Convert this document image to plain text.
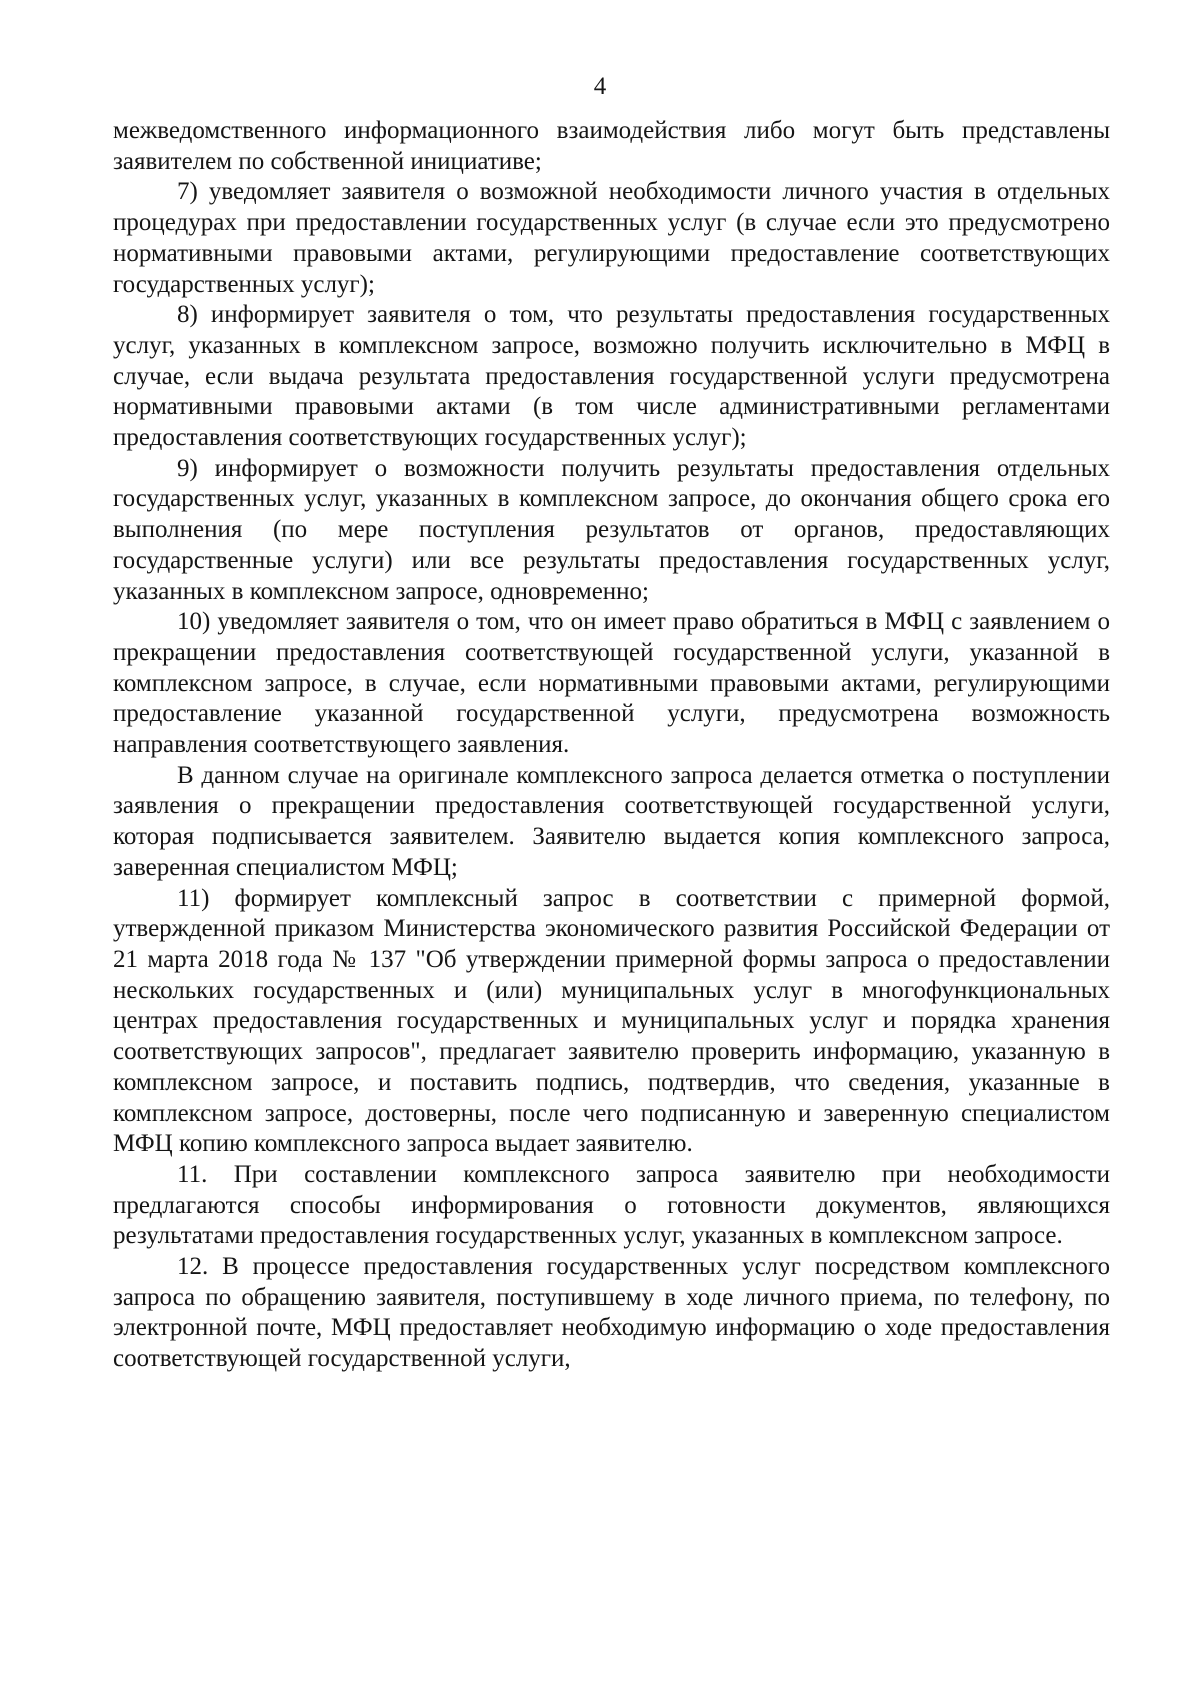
4

межведомственного информационного взаимодействия либо могут быть представлены заявителем по собственной инициативе;

7) уведомляет заявителя о возможной необходимости личного участия в отдельных процедурах при предоставлении государственных услуг (в случае если это предусмотрено нормативными правовыми актами, регулирующими предоставление соответствующих государственных услуг);

8) информирует заявителя о том, что результаты предоставления государственных услуг, указанных в комплексном запросе, возможно получить исключительно в МФЦ в случае, если выдача результата предоставления государственной услуги предусмотрена нормативными правовыми актами (в том числе административными регламентами предоставления соответствующих государственных услуг);

9) информирует о возможности получить результаты предоставления отдельных государственных услуг, указанных в комплексном запросе, до окончания общего срока его выполнения (по мере поступления результатов от органов, предоставляющих государственные услуги) или все результаты предоставления государственных услуг, указанных в комплексном запросе, одновременно;

10) уведомляет заявителя о том, что он имеет право обратиться в МФЦ с заявлением о прекращении предоставления соответствующей государственной услуги, указанной в комплексном запросе, в случае, если нормативными правовыми актами, регулирующими предоставление указанной государственной услуги, предусмотрена возможность направления соответствующего заявления.

В данном случае на оригинале комплексного запроса делается отметка о поступлении заявления о прекращении предоставления соответствующей государственной услуги, которая подписывается заявителем. Заявителю выдается копия комплексного запроса, заверенная специалистом МФЦ;

11) формирует комплексный запрос в соответствии с примерной формой, утвержденной приказом Министерства экономического развития Российской Федерации от 21 марта 2018 года № 137 "Об утверждении примерной формы запроса о предоставлении нескольких государственных и (или) муниципальных услуг в многофункциональных центрах предоставления государственных и муниципальных услуг и порядка хранения соответствующих запросов", предлагает заявителю проверить информацию, указанную в комплексном запросе, и поставить подпись, подтвердив, что сведения, указанные в комплексном запросе, достоверны, после чего подписанную и заверенную специалистом МФЦ копию комплексного запроса выдает заявителю.

11. При составлении комплексного запроса заявителю при необходимости предлагаются способы информирования о готовности документов, являющихся результатами предоставления государственных услуг, указанных в комплексном запросе.

12. В процессе предоставления государственных услуг посредством комплексного запроса по обращению заявителя, поступившему в ходе личного приема, по телефону, по электронной почте, МФЦ предоставляет необходимую информацию о ходе предоставления соответствующей государственной услуги,
